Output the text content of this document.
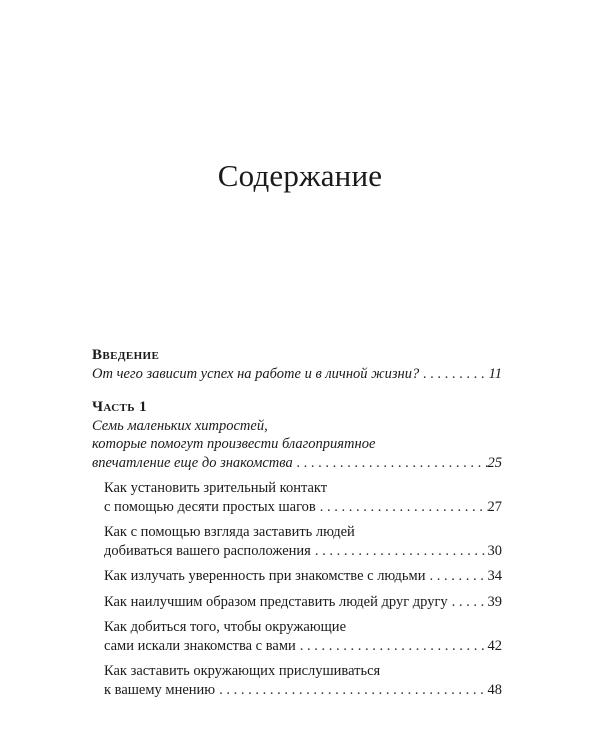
Содержание
Введение
От чего зависит успех на работе и в личной жизни? . . .	11
Часть 1
Семь маленьких хитростей,
которые помогут произвести благоприятное
впечатление еще до знакомства . . .	25
Как установить зрительный контакт
с помощью десяти простых шагов . . .	27
Как с помощью взгляда заставить людей
добиваться вашего расположения . . .	30
Как излучать уверенность при знакомстве с людьми . . .	34
Как наилучшим образом представить людей друг другу . . .	39
Как добиться того, чтобы окружающие
сами искали знакомства с вами . . .	42
Как заставить окружающих прислушиваться
к вашему мнению . . .	48
